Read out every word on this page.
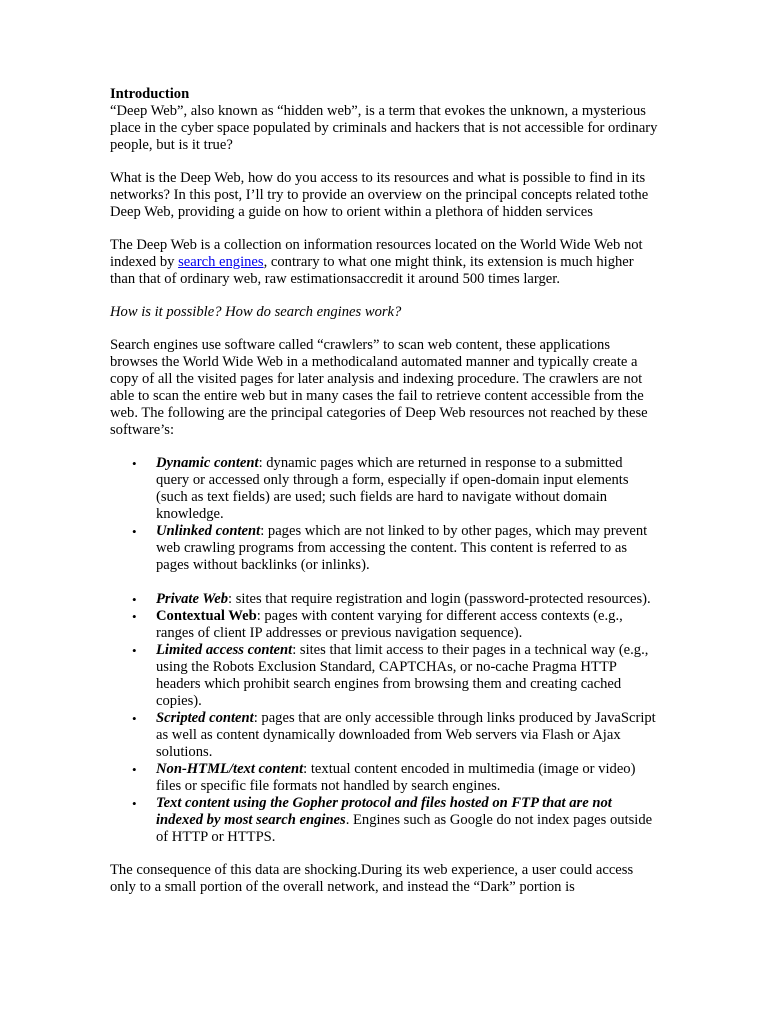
Introduction

“Deep Web”, also known as “hidden web”, is a term that evokes the unknown, a mysterious place in the cyber space populated by criminals and hackers that is not accessible for ordinary people, but is it true?

What is the Deep Web, how do you access to its resources and what is possible to find in its networks? In this post, I’ll try to provide an overview on the principal concepts related tothe Deep Web, providing a guide on how to orient within a plethora of hidden services

The Deep Web is a collection on information resources located on the World Wide Web not indexed by search engines, contrary to what one might think, its extension is much higher than that of ordinary web, raw estimationsaccredit it around 500 times larger.

How is it possible? How do search engines work?

Search engines use software called “crawlers” to scan web content, these applications browses the World Wide Web in a methodicaland automated manner and typically create a copy of all the visited pages for later analysis and indexing procedure. The crawlers are not able to scan the entire web but in many cases the fail to retrieve content accessible from the web. The following are the principal categories of Deep Web resources not reached by these software’s:

• Dynamic content: dynamic pages which are returned in response to a submitted query or accessed only through a form, especially if open-domain input elements (such as text fields) are used; such fields are hard to navigate without domain knowledge.
• Unlinked content: pages which are not linked to by other pages, which may prevent web crawling programs from accessing the content. This content is referred to as pages without backlinks (or inlinks).
• Private Web: sites that require registration and login (password-protected resources).
• Contextual Web: pages with content varying for different access contexts (e.g., ranges of client IP addresses or previous navigation sequence).
• Limited access content: sites that limit access to their pages in a technical way (e.g., using the Robots Exclusion Standard, CAPTCHAs, or no-cache Pragma HTTP headers which prohibit search engines from browsing them and creating cached copies).
• Scripted content: pages that are only accessible through links produced by JavaScript as well as content dynamically downloaded from Web servers via Flash or Ajax solutions.
• Non-HTML/text content: textual content encoded in multimedia (image or video) files or specific file formats not handled by search engines.
• Text content using the Gopher protocol and files hosted on FTP that are not indexed by most search engines. Engines such as Google do not index pages outside of HTTP or HTTPS.

The consequence of this data are shocking.During its web experience, a user could access only to a small portion of the overall network, and instead the “Dark” portion is
